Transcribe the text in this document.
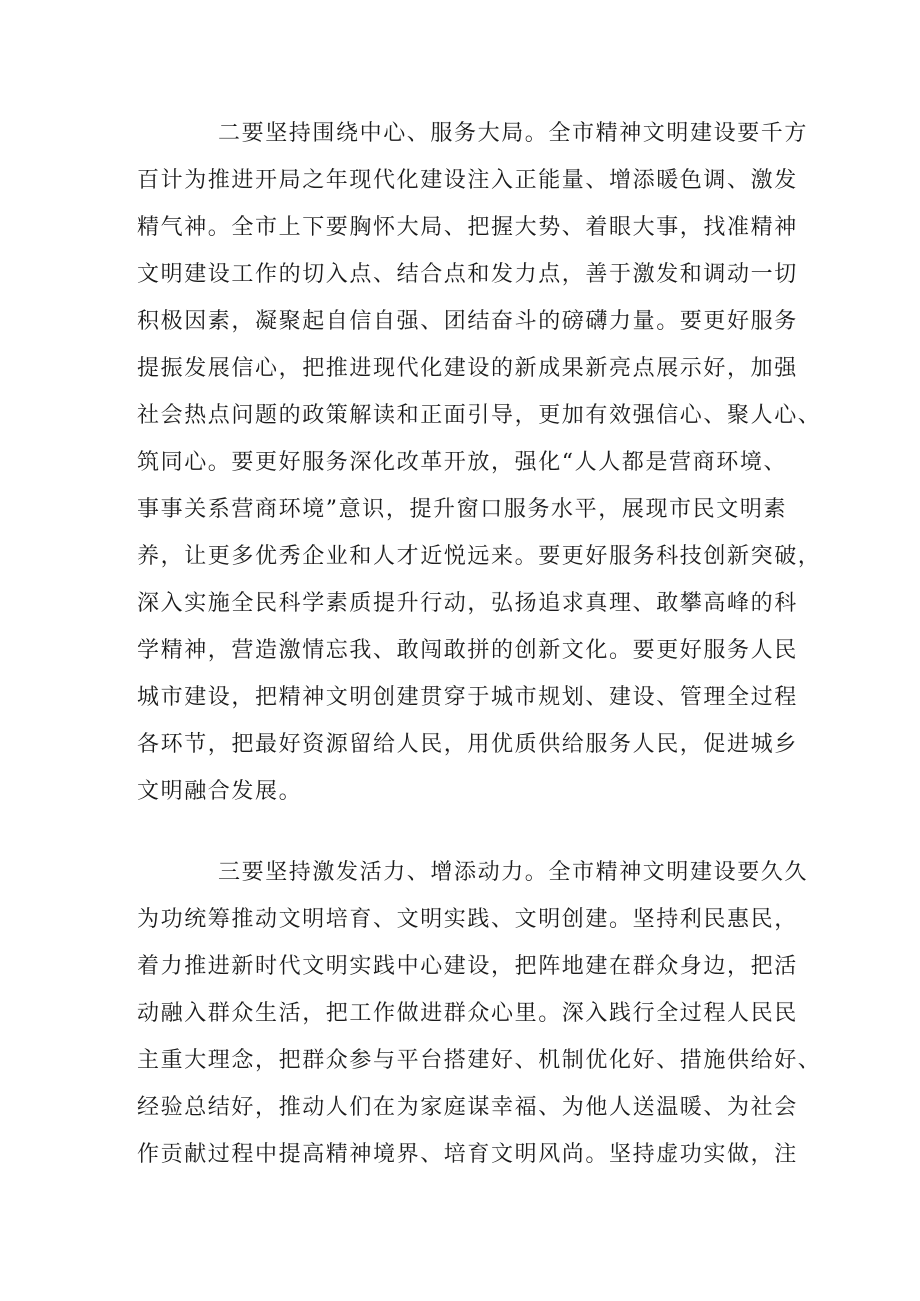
二要坚持围绕中心、服务大局。全市精神文明建设要千方
百计为推进开局之年现代化建设注入正能量、增添暖色调、激发
精气神。全市上下要胸怀大局、把握大势、着眼大事，找准精神
文明建设工作的切入点、结合点和发力点，善于激发和调动一切
积极因素，凝聚起自信自强、团结奋斗的磅礴力量。要更好服务
提振发展信心，把推进现代化建设的新成果新亮点展示好，加强
社会热点问题的政策解读和正面引导，更加有效强信心、聚人心、
筑同心。要更好服务深化改革开放，强化“人人都是营商环境、
事事关系营商环境”意识，提升窗口服务水平，展现市民文明素
养，让更多优秀企业和人才近悦远来。要更好服务科技创新突破，
深入实施全民科学素质提升行动，弘扬追求真理、敢攀高峰的科
学精神，营造激情忘我、敢闯敢拼的创新文化。要更好服务人民
城市建设，把精神文明创建贯穿于城市规划、建设、管理全过程
各环节，把最好资源留给人民，用优质供给服务人民，促进城乡
文明融合发展。
三要坚持激发活力、增添动力。全市精神文明建设要久久
为功统筹推动文明培育、文明实践、文明创建。坚持利民惠民，
着力推进新时代文明实践中心建设，把阵地建在群众身边，把活
动融入群众生活，把工作做进群众心里。深入践行全过程人民民
主重大理念，把群众参与平台搭建好、机制优化好、措施供给好、
经验总结好，推动人们在为家庭谋幸福、为他人送温暖、为社会
作贡献过程中提高精神境界、培育文明风尚。坚持虚功实做，注
